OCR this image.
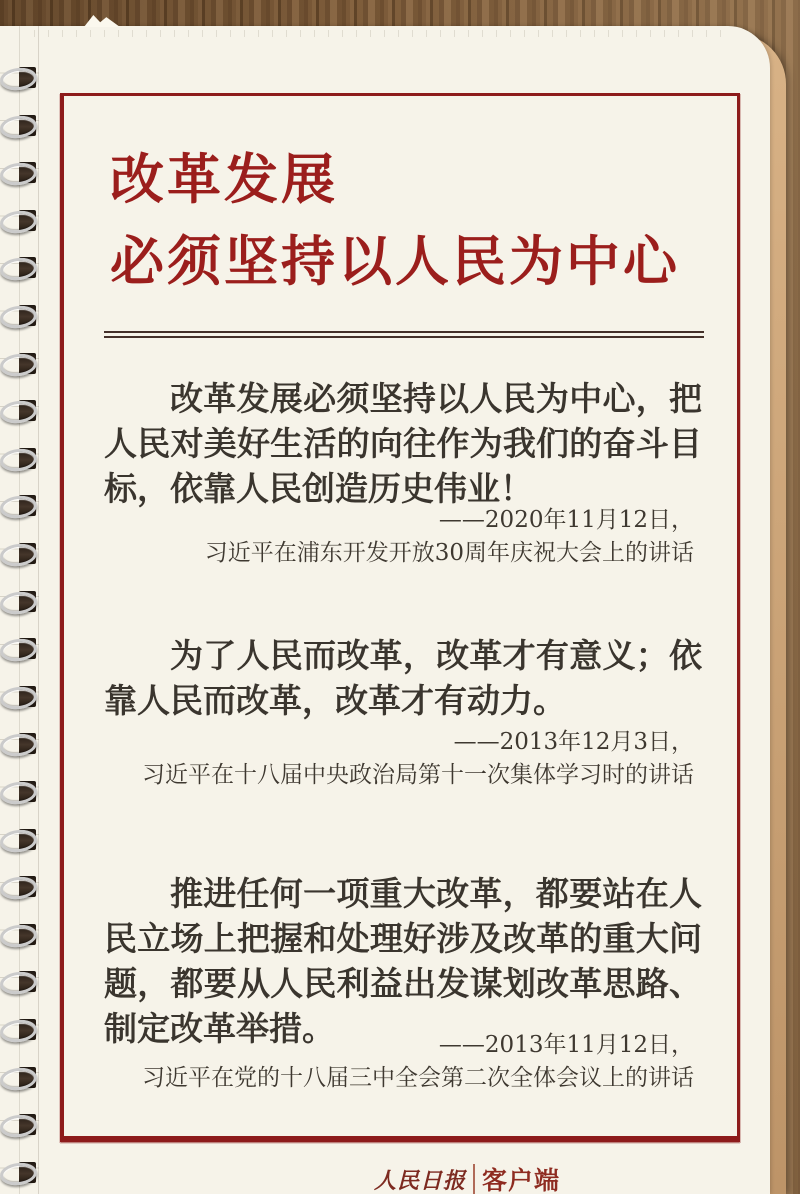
改革发展
必须坚持以人民为中心

改革发展必须坚持以人民为中心，把人民对美好生活的向往作为我们的奋斗目标，依靠人民创造历史伟业！

——2020年11月12日，
习近平在浦东开发开放30周年庆祝大会上的讲话

为了人民而改革，改革才有意义；依靠人民而改革，改革才有动力。

——2013年12月3日，
习近平在十八届中央政治局第十一次集体学习时的讲话

推进任何一项重大改革，都要站在人民立场上把握和处理好涉及改革的重大问题，都要从人民利益出发谋划改革思路、制定改革举措。	——2013年11月12日，
习近平在党的十八届三中全会第二次全体会议上的讲话
人民日报 客户端
